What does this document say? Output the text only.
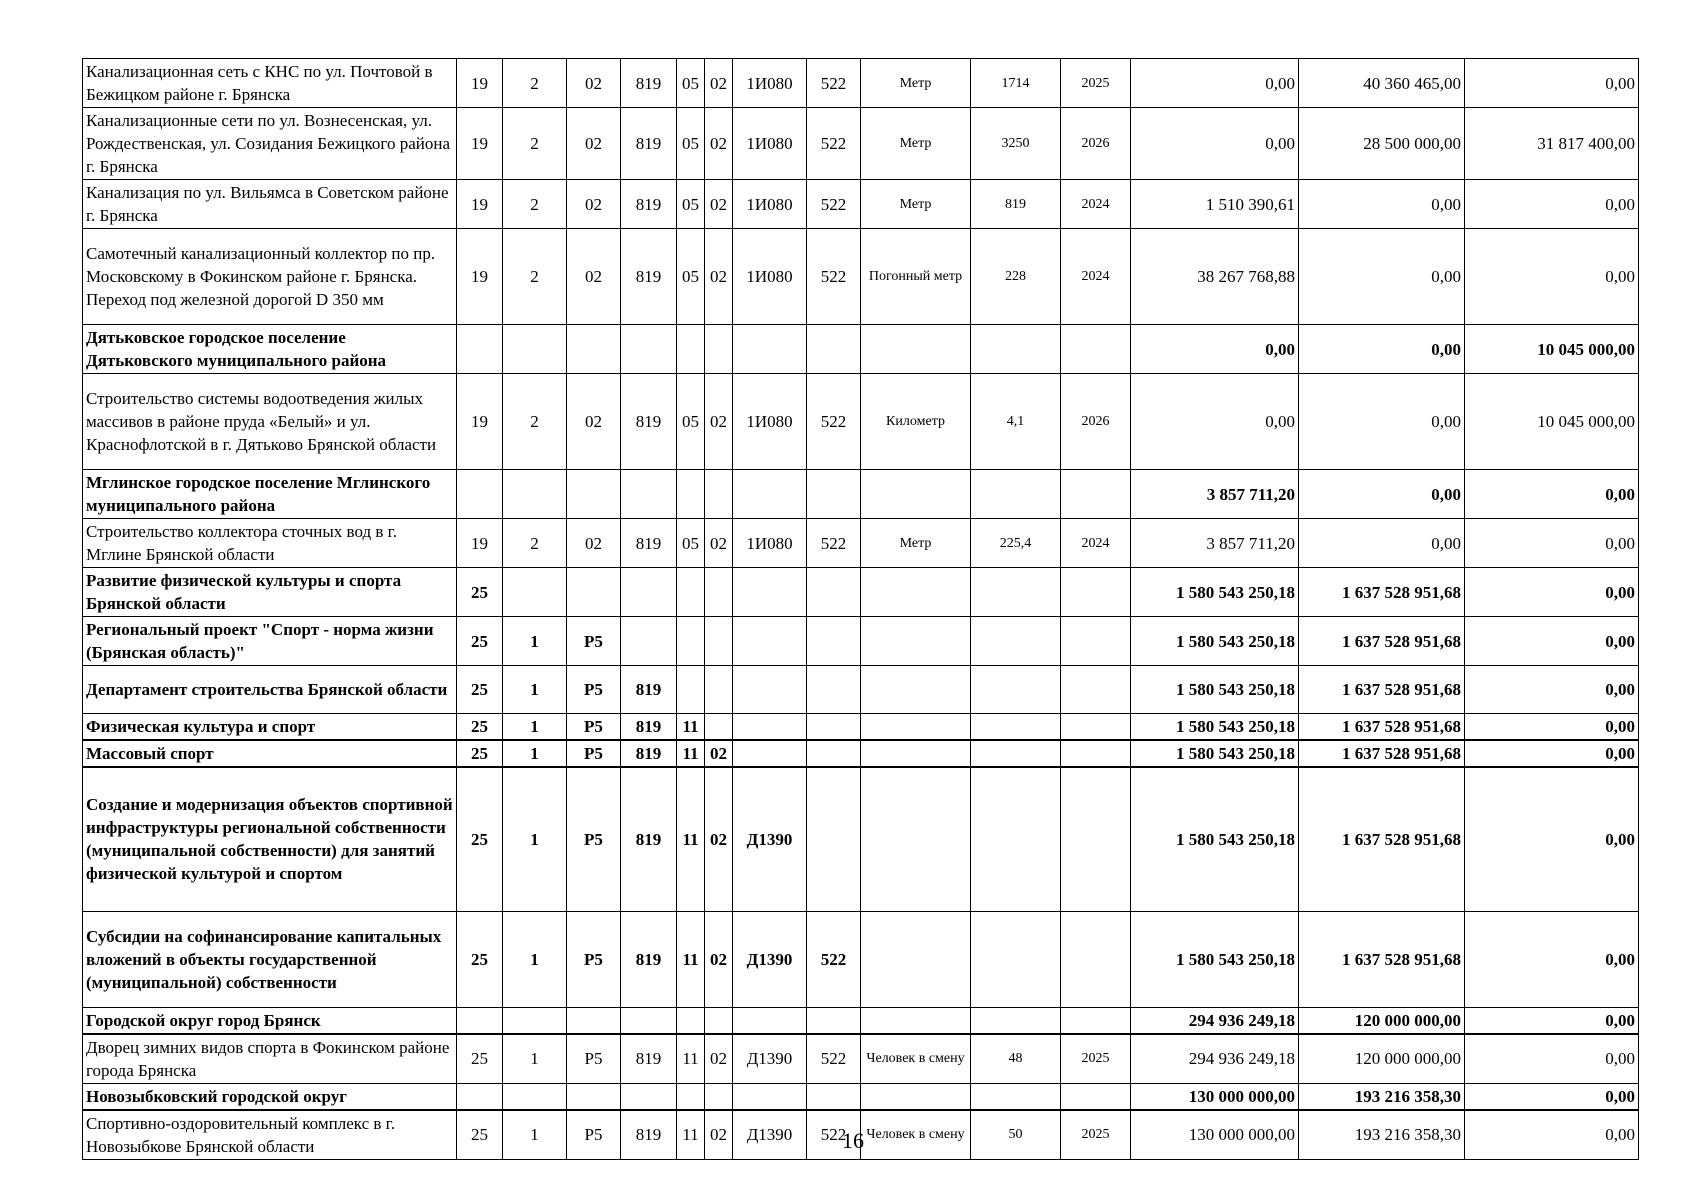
Канализационная сеть с КНС по ул. Почтовой в Бежицком районе г. Брянска	19	2	02	819	05	02	1И080	522	Метр	1714	2025	0,00	40 360 465,00	0,00
Канализационные сети по ул. Вознесенская, ул. Рождественская, ул. Созидания Бежицкого района г. Брянска	19	2	02	819	05	02	1И080	522	Метр	3250	2026	0,00	28 500 000,00	31 817 400,00
Канализация по ул. Вильямса в Советском районе г. Брянска	19	2	02	819	05	02	1И080	522	Метр	819	2024	1 510 390,61	0,00	0,00
Самотечный канализационный коллектор по пр. Московскому в Фокинском районе г. Брянска. Переход под железной дорогой D 350 мм	19	2	02	819	05	02	1И080	522	Погонный метр	228	2024	38 267 768,88	0,00	0,00
Дятьковское городское поселение Дятьковского муниципального района												0,00	0,00	10 045 000,00
Строительство системы водоотведения жилых массивов в районе пруда «Белый» и ул. Краснофлотской в г. Дятьково Брянской области	19	2	02	819	05	02	1И080	522	Километр	4,1	2026	0,00	0,00	10 045 000,00
Мглинское городское поселение Мглинского муниципального района												3 857 711,20	0,00	0,00
Строительство коллектора сточных вод в г. Мглине Брянской области	19	2	02	819	05	02	1И080	522	Метр	225,4	2024	3 857 711,20	0,00	0,00
Развитие физической культуры и спорта Брянской области	25											1 580 543 250,18	1 637 528 951,68	0,00
Региональный проект "Спорт - норма жизни (Брянская область)"	25	1	Р5									1 580 543 250,18	1 637 528 951,68	0,00
Департамент строительства Брянской области	25	1	Р5	819								1 580 543 250,18	1 637 528 951,68	0,00
Физическая культура и спорт	25	1	Р5	819	11							1 580 543 250,18	1 637 528 951,68	0,00
Массовый спорт	25	1	Р5	819	11	02						1 580 543 250,18	1 637 528 951,68	0,00
Создание и модернизация объектов спортивной инфраструктуры региональной собственности (муниципальной собственности) для занятий физической культурой и спортом	25	1	Р5	819	11	02	Д1390					1 580 543 250,18	1 637 528 951,68	0,00
Субсидии на софинансирование капитальных вложений в объекты государственной (муниципальной) собственности	25	1	Р5	819	11	02	Д1390	522				1 580 543 250,18	1 637 528 951,68	0,00
Городской округ город Брянск												294 936 249,18	120 000 000,00	0,00
Дворец зимних видов спорта в Фокинском районе города Брянска	25	1	Р5	819	11	02	Д1390	522	Человек в смену	48	2025	294 936 249,18	120 000 000,00	0,00
Новозыбковский городской округ												130 000 000,00	193 216 358,30	0,00
Спортивно-оздоровительный комплекс в г. Новозыбкове Брянской области	25	1	Р5	819	11	02	Д1390	522	Человек в смену	50	2025	130 000 000,00	193 216 358,30	0,00
16
